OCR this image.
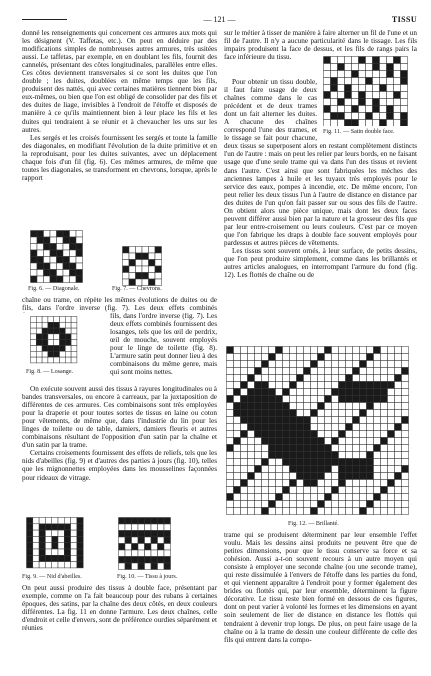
— 121 —	TISSU

donné les renseignements qui concernent ces armures aux mots qui les désignent (V. Taffetas, etc.). On peut en déduire par des modifications simples de nombreuses autres armures, très usitées aussi. Le taffetas, par exemple, en en doublant les fils, fournit des cannelés, présentant des côtes longitudinales, parallèles entre elles. Ces côtes deviennent transversales si ce sont les duites que l'on double ; les duites, doublées en même temps que les fils, produisent des nattés, qui avec certaines matières tiennent bien par eux-mêmes, ou bien que l'on est obligé de consolider par des fils et des duites de liage, invisibles à l'endroit de l'étoffe et disposés de manière à ce qu'ils maintiennent bien à leur place les fils et les duites qui tendraient à se réunir et à chevaucher les uns sur les autres.

Les sergés et les croisés fournissent les sergés et toute la famille des diagonales, en modifiant l'évolution de la duite primitive et en la reproduisant, pour les duites suivantes, avec un déplacement chaque fois d'un fil (fig. 6). Ces mêmes armures, de même que toutes les diagonales, se transforment en chevrons, lorsque, après le rapport

Fig. 6. — Diagonale.	Fig. 7. — Chevrons.

chaîne ou trame, on répète les mêmes évolutions de duites ou de fils, dans l'ordre inverse (fig. 7). Les deux effets combinés

Fig. 8. — Losange.

fils, dans l'ordre inverse (fig. 7). Les deux effets combinés fournissent des losanges, tels que les œil de perdrix, œil de mouche, souvent employés pour le linge de toilette (fig. 8). L'armure satin peut donner lieu à des combinaisons du même genre, mais qui sont moins nettes.

On exécute souvent aussi des tissus à rayures longitudinales ou à bandes transversales, ou encore à carreaux, par la juxtaposition de différentes de ces armures. Ces combinaisons sont très employées pour la draperie et pour toutes sortes de tissus en laine ou coton pour vêtements, de même que, dans l'industrie du lin pour les linges de toilette ou de table, damiers, damiers fleuris et autres combinaisons résultant de l'opposition d'un satin par la chaîne et d'un satin par la trame.

Certains croisements fournissent des effets de reliefs, tels que les nids d'abeilles (fig. 9) et d'autres des parties à jours (fig. 10), telles que les mignonnettes employées dans les mousselines façonnées pour rideaux de vitrage.

Fig. 9. — Nid d'abeilles.	Fig. 10. — Tissu à jours.

On peut aussi produire des tissus à double face, présentant par exemple, comme on l'a fait beaucoup pour des rubans à certaines époques, des satins, par la chaîne des deux côtés, en deux couleurs différentes. La fig. 11 en donne l'armure. Les deux chaînes, celle d'endroit et celle d'envers, sont de préférence ourdies séparément et réunies

sur le métier à tisser de manière à faire alterner un fil de l'une et un fil de l'autre. Il n'y a aucune particularité dans le tissage. Les fils impairs produisent la face de dessus, et les fils de rangs pairs la face inférieure du tissu.

Fig. 11. — Satin double face.

Pour obtenir un tissu double, il faut faire usage de deux chaînes comme dans le cas précédent et de deux trames dont un fait alterner les duites. A chacune des chaînes correspond l'une des trames, et le tissage se fait pour chacune,

deux tissus se superposent alors en restant complètement distincts l'un de l'autre : mais on peut les relier par leurs bords, en ne faisant usage que d'une seule trame qui va dans l'un des tissus et revient dans l'autre. C'est ainsi que sont fabriquées les mèches des anciennes lampes à huile et les tuyaux très employés pour le service des eaux, pompes à incendie, etc. De même encore, l'on peut relier les deux tissus l'un à l'autre de distance en distance par des duites de l'un qu'on fait passer sur ou sous des fils de l'autre. On obtient alors une pièce unique, mais dont les deux faces peuvent différer aussi bien par la nature et la grosseur des fils que par leur entre-croisement ou leurs couleurs. C'est par ce moyen que l'on fabrique les draps à double face souvent employés pour pardessus et autres pièces de vêtements.

Les tissus sont souvent ornés, à leur surface, de petits dessins, que l'on peut produire simplement, comme dans les brillantés et autres articles analogues, en interrompant l'armure du fond (fig. 12). Les flottés de chaîne ou de

Fig. 12. — Brillanté.

trame qui se produisent déterminent par leur ensemble l'effet voulu. Mais les dessins ainsi produits ne peuvent être que de petites dimensions, pour que le tissu conserve sa force et sa cohésion. Aussi a-t-on souvent recours à un autre moyen qui consiste à employer une seconde chaîne (ou une seconde trame), qui reste dissimulée à l'envers de l'étoffe dans les parties du fond, et qui viennent apparaître à l'endroit pour y former également des brides ou flottés qui, par leur ensemble, déterminent la figure décorative. Le tissu reste bien formé en dessous de ces figures, dont on peut varier à volonté les formes et les dimensions en ayant soin seulement de lier de distance en distance les flottés qui tendraient à devenir trop longs. De plus, on peut faire usage de la chaîne ou à la trame de dessin une couleur différente de celle des fils qui entrent dans la compo-
